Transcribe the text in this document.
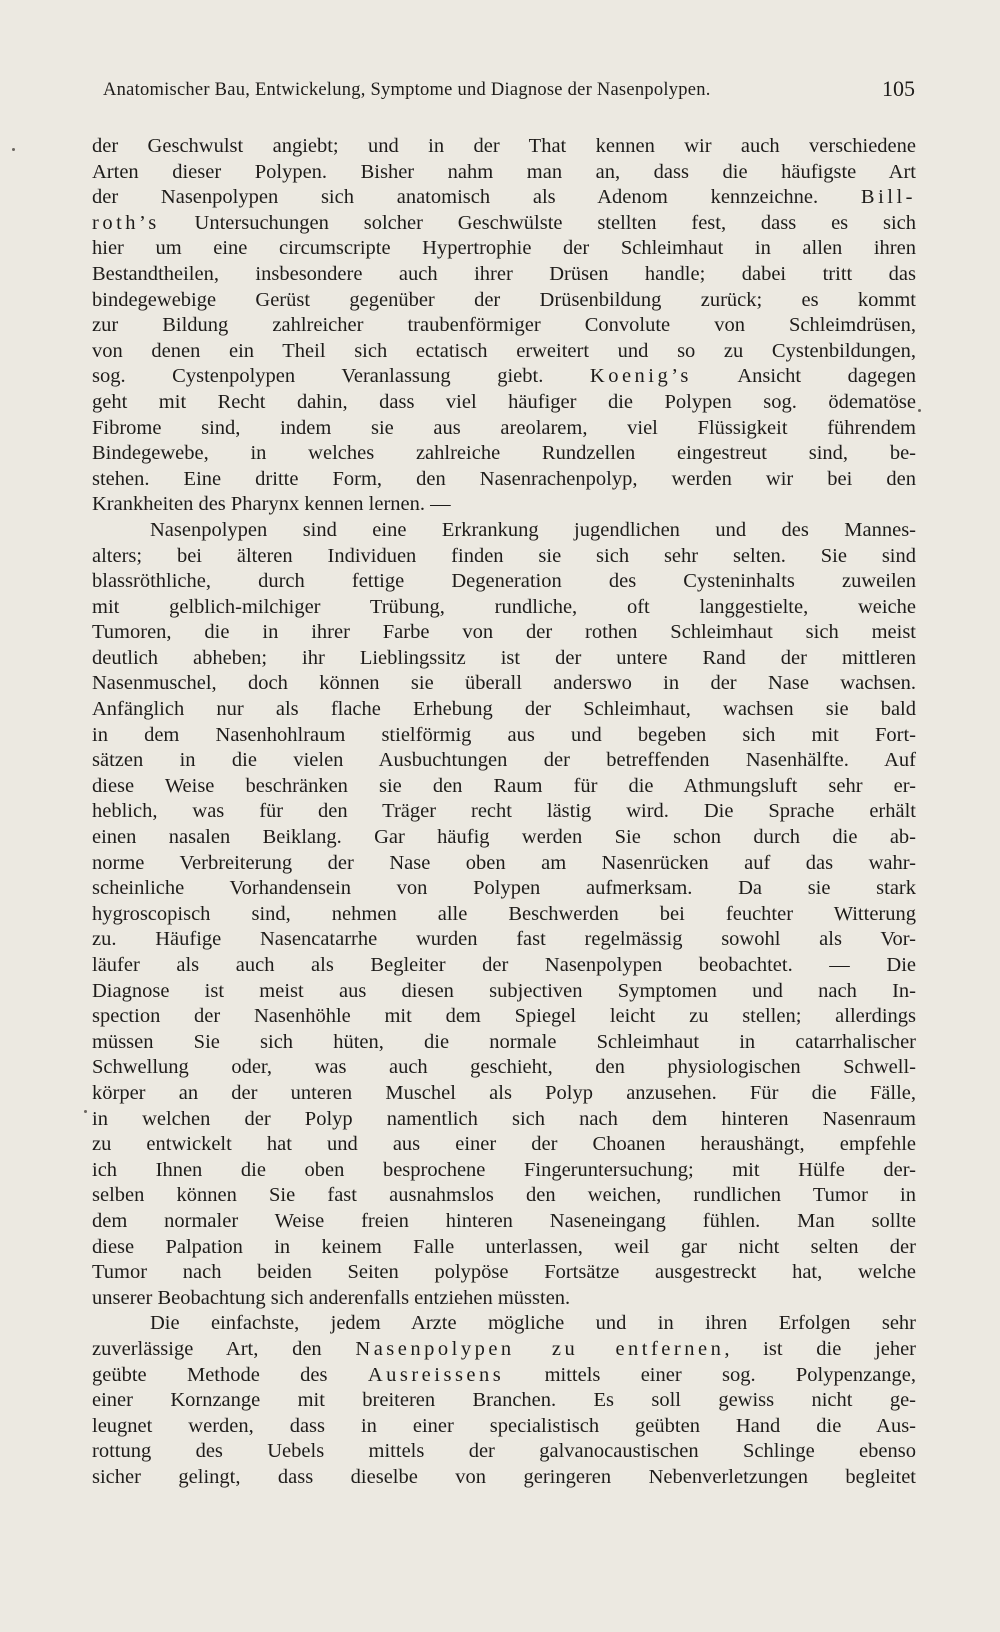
Anatomischer Bau, Entwickelung, Symptome und Diagnose der Nasenpolypen.	105
der Geschwulst angiebt; und in der That kennen wir auch verschiedene
Arten dieser Polypen. Bisher nahm man an, dass die häufigste Art
der Nasenpolypen sich anatomisch als Adenom kennzeichne. Bill-
roth’s Untersuchungen solcher Geschwülste stellten fest, dass es sich
hier um eine circumscripte Hypertrophie der Schleimhaut in allen ihren
Bestandtheilen, insbesondere auch ihrer Drüsen handle; dabei tritt das
bindegewebige Gerüst gegenüber der Drüsenbildung zurück; es kommt
zur Bildung zahlreicher traubenförmiger Convolute von Schleimdrüsen,
von denen ein Theil sich ectatisch erweitert und so zu Cystenbildungen,
sog. Cystenpolypen Veranlassung giebt. Koenig’s Ansicht dagegen
geht mit Recht dahin, dass viel häufiger die Polypen sog. ödematöse
Fibrome sind, indem sie aus areolarem, viel Flüssigkeit führendem
Bindegewebe, in welches zahlreiche Rundzellen eingestreut sind, be-
stehen. Eine dritte Form, den Nasenrachenpolyp, werden wir bei den
Krankheiten des Pharynx kennen lernen. —
Nasenpolypen sind eine Erkrankung jugendlichen und des Mannes-
alters; bei älteren Individuen finden sie sich sehr selten. Sie sind
blassröthliche, durch fettige Degeneration des Cysteninhalts zuweilen
mit gelblich-milchiger Trübung, rundliche, oft langgestielte, weiche
Tumoren, die in ihrer Farbe von der rothen Schleimhaut sich meist
deutlich abheben; ihr Lieblingssitz ist der untere Rand der mittleren
Nasenmuschel, doch können sie überall anderswo in der Nase wachsen.
Anfänglich nur als flache Erhebung der Schleimhaut, wachsen sie bald
in dem Nasenhohlraum stielförmig aus und begeben sich mit Fort-
sätzen in die vielen Ausbuchtungen der betreffenden Nasenhälfte. Auf
diese Weise beschränken sie den Raum für die Athmungsluft sehr er-
heblich, was für den Träger recht lästig wird. Die Sprache erhält
einen nasalen Beiklang. Gar häufig werden Sie schon durch die ab-
norme Verbreiterung der Nase oben am Nasenrücken auf das wahr-
scheinliche Vorhandensein von Polypen aufmerksam. Da sie stark
hygroscopisch sind, nehmen alle Beschwerden bei feuchter Witterung
zu. Häufige Nasencatarrhe wurden fast regelmässig sowohl als Vor-
läufer als auch als Begleiter der Nasenpolypen beobachtet. — Die
Diagnose ist meist aus diesen subjectiven Symptomen und nach In-
spection der Nasenhöhle mit dem Spiegel leicht zu stellen; allerdings
müssen Sie sich hüten, die normale Schleimhaut in catarrhalischer
Schwellung oder, was auch geschieht, den physiologischen Schwell-
körper an der unteren Muschel als Polyp anzusehen. Für die Fälle,
in welchen der Polyp namentlich sich nach dem hinteren Nasenraum
zu entwickelt hat und aus einer der Choanen heraushängt, empfehle
ich Ihnen die oben besprochene Fingeruntersuchung; mit Hülfe der-
selben können Sie fast ausnahmslos den weichen, rundlichen Tumor in
dem normaler Weise freien hinteren Naseneingang fühlen. Man sollte
diese Palpation in keinem Falle unterlassen, weil gar nicht selten der
Tumor nach beiden Seiten polypöse Fortsätze ausgestreckt hat, welche
unserer Beobachtung sich anderenfalls entziehen müssten.
Die einfachste, jedem Arzte mögliche und in ihren Erfolgen sehr
zuverlässige Art, den Nasenpolypen zu entfernen, ist die jeher
geübte Methode des Ausreissens mittels einer sog. Polypenzange,
einer Kornzange mit breiteren Branchen. Es soll gewiss nicht ge-
leugnet werden, dass in einer specialistisch geübten Hand die Aus-
rottung des Uebels mittels der galvanocaustischen Schlinge ebenso
sicher gelingt, dass dieselbe von geringeren Nebenverletzungen begleitet
